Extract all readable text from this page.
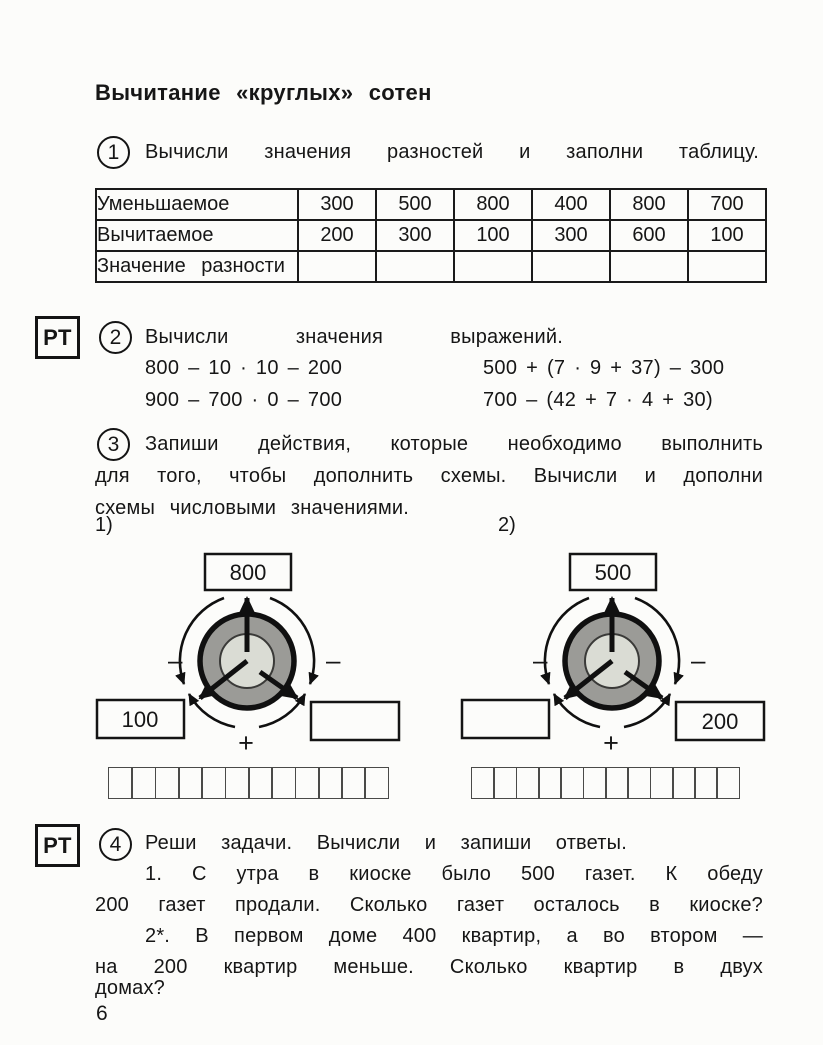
Вычитание «круглых» сотен
1	Вычисли значения разностей и заполни таблицу.
Уменьшаемое	300	500	800	400	800	700
Вычитаемое	200	300	100	300	600	100
Значение разности						
РТ	2	Вычисли значения выражений.
800 – 10 · 10 – 200
900 – 700 · 0 – 700
500 + (7 · 9 + 37) – 300
700 – (42 + 7 · 4 + 30)
3	Запиши действия, которые необходимо выполнить
для того, чтобы дополнить схемы. Вычисли и дополни
схемы числовыми значениями.
1)	2)
800
100
–	–
+
500
200
–	–
+
РТ	4	Реши задачи. Вычисли и запиши ответы.
1. С утра в киоске было 500 газет. К обеду
200 газет продали. Сколько газет осталось в киоске?
2*. В первом доме 400 квартир, а во втором —
на 200 квартир меньше. Сколько квартир в двух
домах?
6
